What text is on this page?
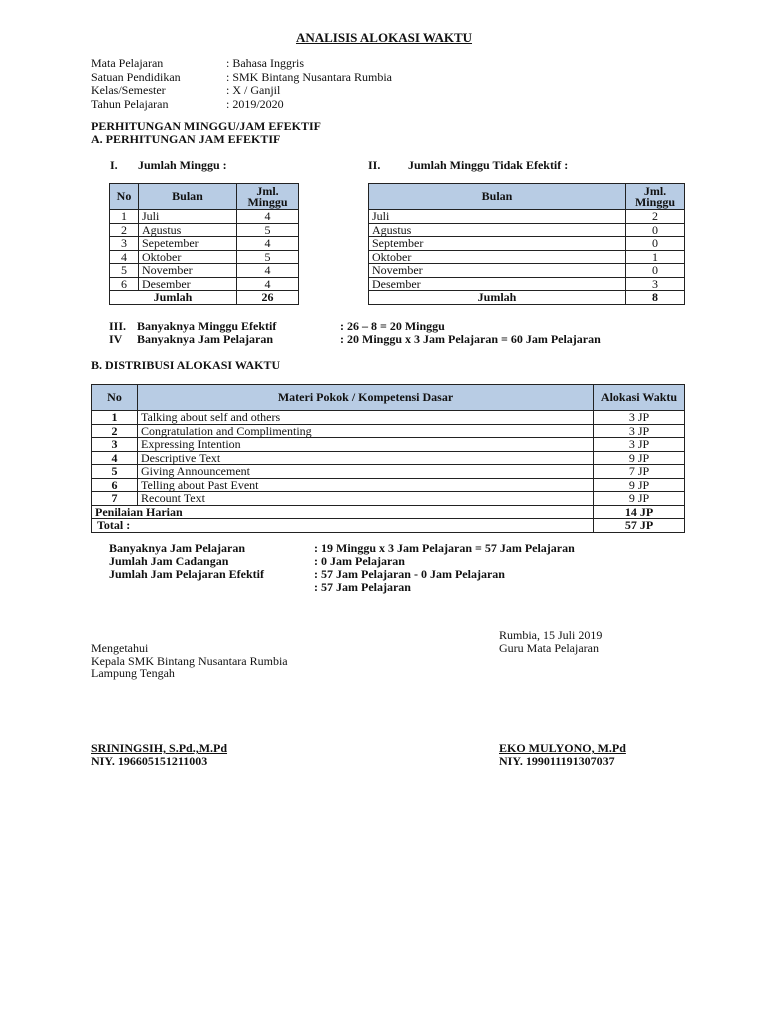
ANALISIS ALOKASI WAKTU
Mata Pelajaran	: Bahasa Inggris
Satuan Pendidikan	: SMK Bintang Nusantara Rumbia
Kelas/Semester	: X / Ganjil
Tahun Pelajaran	: 2019/2020
PERHITUNGAN MINGGU/JAM EFEKTIF
A. PERHITUNGAN JAM EFEKTIF
I.	Jumlah Minggu :
No	Bulan	Jml. Minggu
1	Juli	4
2	Agustus	5
3	Sepetember	4
4	Oktober	5
5	November	4
6	Desember	4
Jumlah		26
II.	Jumlah Minggu Tidak Efektif :
Bulan	Jml. Minggu
Juli	2
Agustus	0
September	0
Oktober	1
November	0
Desember	3
Jumlah	8
III. Banyaknya Minggu Efektif	: 26 – 8 = 20 Minggu
IV	Banyaknya Jam Pelajaran	: 20 Minggu x 3 Jam Pelajaran = 60 Jam Pelajaran
B. DISTRIBUSI ALOKASI WAKTU
No	Materi Pokok / Kompetensi Dasar	Alokasi Waktu
1	Talking about self and others	3 JP
2	Congratulation and Complimenting	3 JP
3	Expressing Intention	3 JP
4	Descriptive Text	9 JP
5	Giving Announcement	7 JP
6	Telling about Past Event	9 JP
7	Recount Text	9 JP
Penilaian Harian		14 JP
Total :		57 JP
Banyaknya Jam Pelajaran	: 19 Minggu x 3 Jam Pelajaran = 57 Jam Pelajaran
Jumlah Jam Cadangan	: 0 Jam Pelajaran
Jumlah Jam Pelajaran Efektif	: 57 Jam Pelajaran - 0 Jam Pelajaran
: 57 Jam Pelajaran
Mengetahui
Kepala SMK Bintang Nusantara Rumbia
Lampung Tengah
SRININGSIH, S.Pd.,M.Pd
NIY. 196605151211003
Rumbia, 15 Juli 2019
Guru Mata Pelajaran
EKO MULYONO, M.Pd
NIY. 199011191307037
